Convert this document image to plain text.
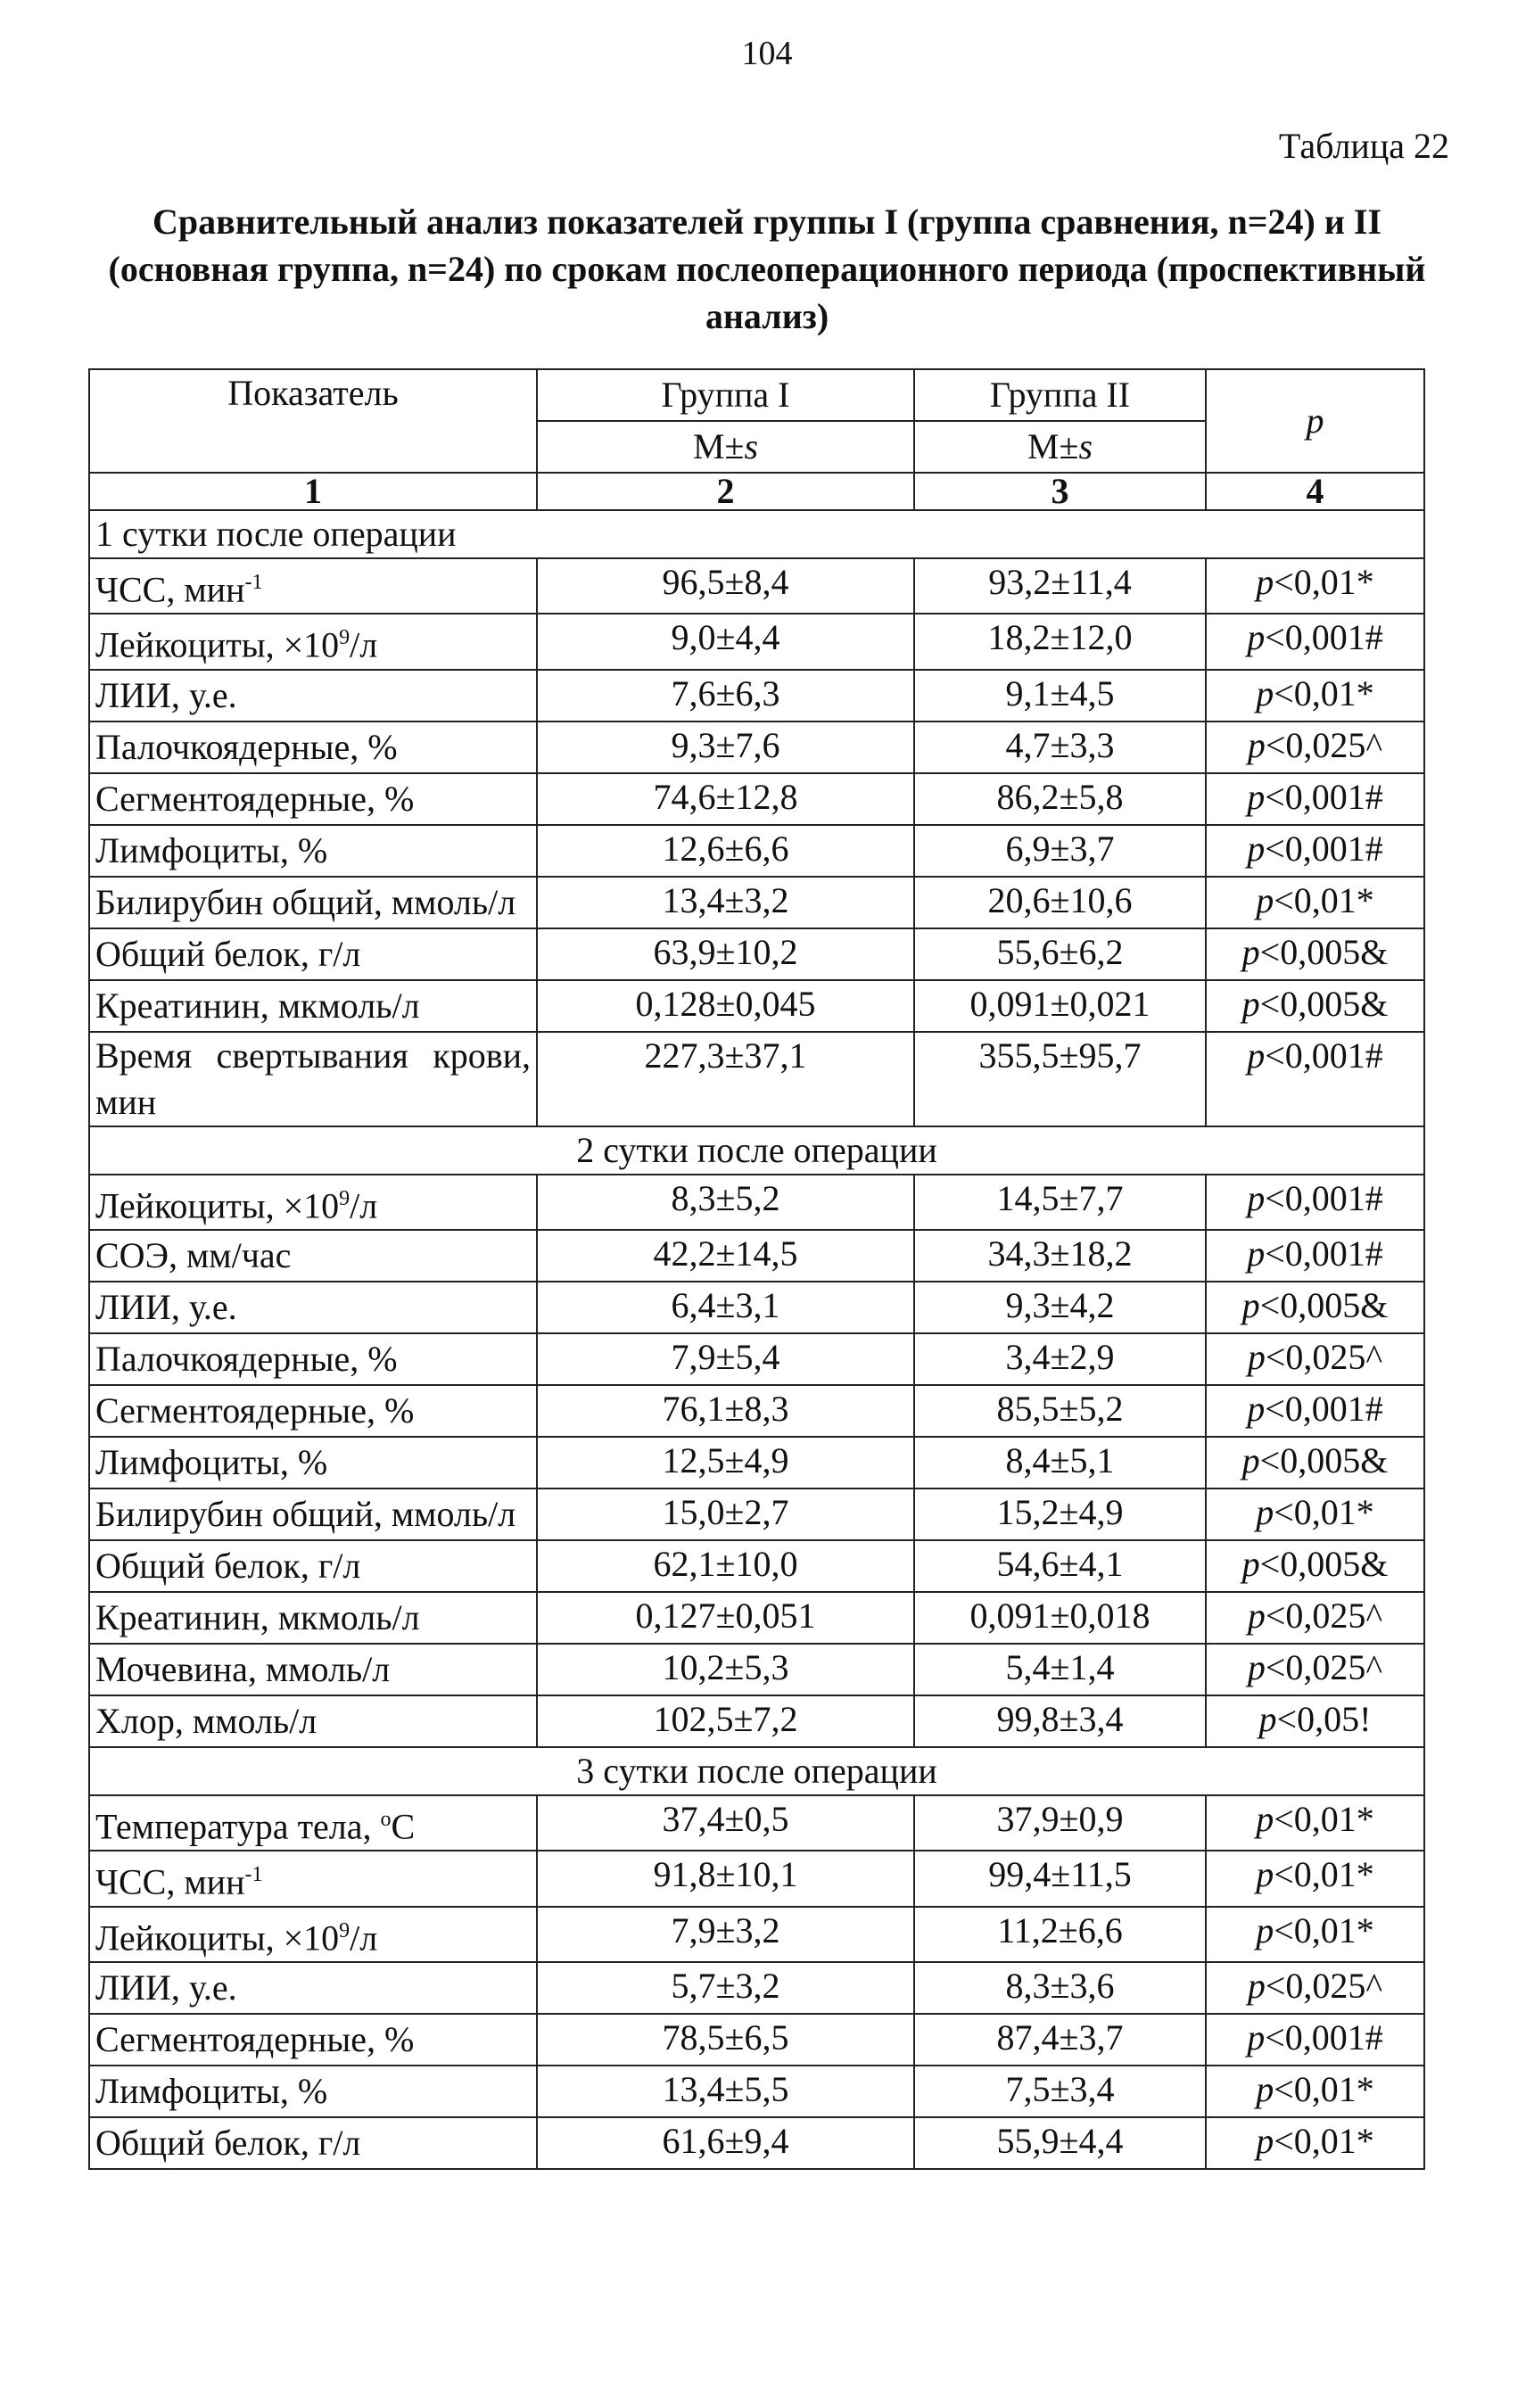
104
Таблица 22
Сравнительный анализ показателей группы I (группа сравнения, n=24) и II (основная группа, n=24) по срокам послеоперационного периода (проспективный анализ)
Показатель	Группа I	Группа II	p
	M±s	M±s	
1	2	3	4
1 сутки после операции			
ЧСС, мин$^{-1}$	96,5±8,4	93,2±11,4	p<0,01*
Лейкоциты, $\times 10^9/л$	9,0±4,4	18,2±12,0	p<0,001#
ЛИИ, у.е.	7,6±6,3	9,1±4,5	p<0,01*
Палочкоядерные, %	9,3±7,6	4,7±3,3	p<0,025^
Сегментоядерные, %	74,6±12,8	86,2±5,8	p<0,001#
Лимфоциты, %	12,6±6,6	6,9±3,7	p<0,001#
Билирубин общий, ммоль/л	13,4±3,2	20,6±10,6	p<0,01*
Общий белок, г/л	63,9±10,2	55,6±6,2	p<0,005&
Креатинин, мкмоль/л	0,128±0,045	0,091±0,021	p<0,005&
Время свертывания крови, мин	227,3±37,1	355,5±95,7	p<0,001#
2 сутки после операции			
Лейкоциты, $\times 10^9/л$	8,3±5,2	14,5±7,7	p<0,001#
СОЭ, мм/час	42,2±14,5	34,3±18,2	p<0,001#
ЛИИ, у.е.	6,4±3,1	9,3±4,2	p<0,005&
Палочкоядерные, %	7,9±5,4	3,4±2,9	p<0,025^
Сегментоядерные, %	76,1±8,3	85,5±5,2	p<0,001#
Лимфоциты, %	12,5±4,9	8,4±5,1	p<0,005&
Билирубин общий, ммоль/л	15,0±2,7	15,2±4,9	p<0,01*
Общий белок, г/л	62,1±10,0	54,6±4,1	p<0,005&
Креатинин, мкмоль/л	0,127±0,051	0,091±0,018	p<0,025^
Мочевина, ммоль/л	10,2±5,3	5,4±1,4	p<0,025^
Хлор, ммоль/л	102,5±7,2	99,8±3,4	p<0,05!
3 сутки после операции			
Температура тела, $^o$С	37,4±0,5	37,9±0,9	p<0,01*
ЧСС, мин$^{-1}$	91,8±10,1	99,4±11,5	p<0,01*
Лейкоциты, $\times 10^9/л$	7,9±3,2	11,2±6,6	p<0,01*
ЛИИ, у.е.	5,7±3,2	8,3±3,6	p<0,025^
Сегментоядерные, %	78,5±6,5	87,4±3,7	p<0,001#
Лимфоциты, %	13,4±5,5	7,5±3,4	p<0,01*
Общий белок, г/л	61,6±9,4	55,9±4,4	p<0,01*
